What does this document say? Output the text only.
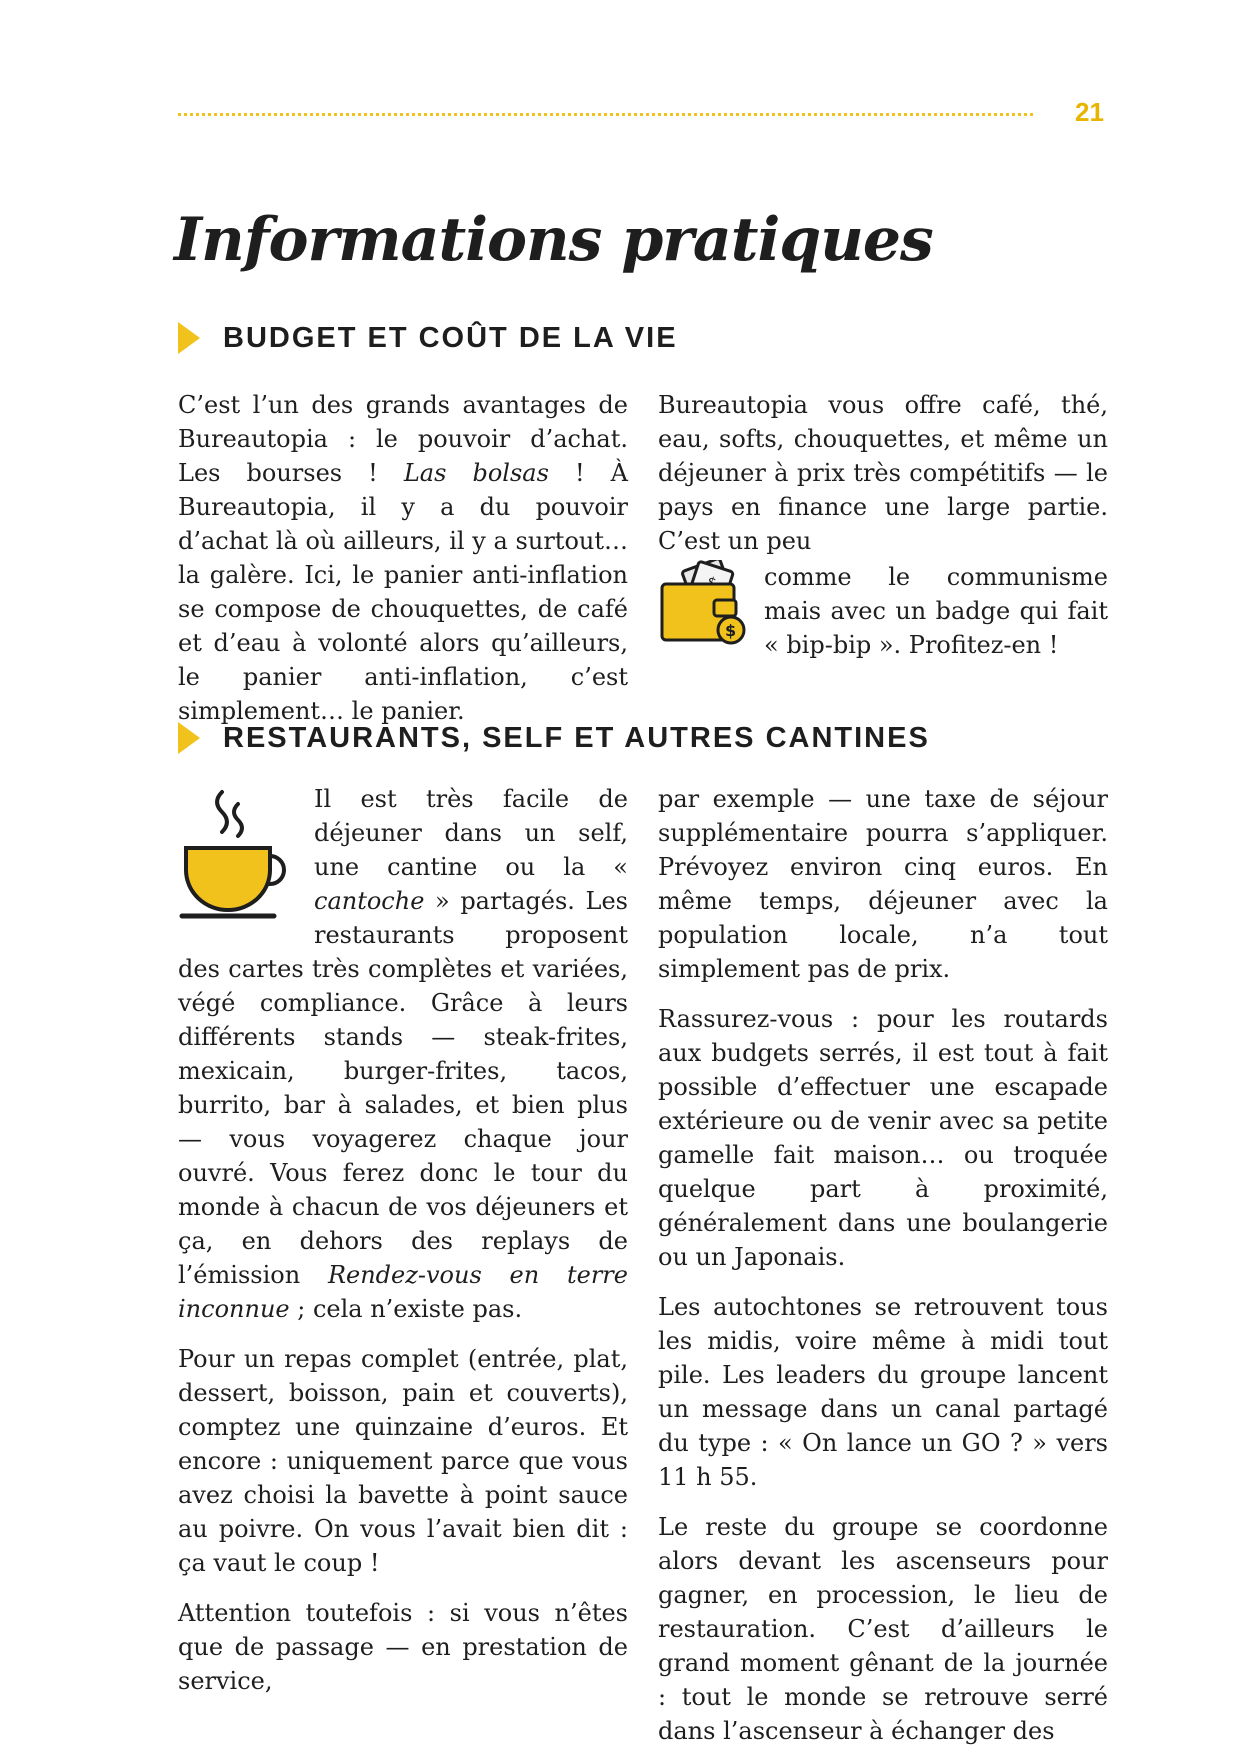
21
Informations pratiques
BUDGET ET COÛT DE LA VIE

C’est l’un des grands avantages de Bureautopia : le pouvoir d’achat. Les bourses ! Las bolsas ! À Bureautopia, il y a du pouvoir d’achat là où ailleurs, il y a surtout… la galère. Ici, le panier anti-inflation se compose de chouquettes, de café et d’eau à volonté alors qu’ailleurs, le panier anti-inflation, c’est simplement… le panier.

Bureautopia vous offre café, thé, eau, softs, chouquettes, et même un déjeuner à prix très compétitifs — le pays en finance une large partie. C’est un peu

$

comme le communisme mais avec un badge qui fait « bip-bip ». Profitez-en !

RESTAURANTS, SELF ET AUTRES CANTINES

Il est très facile de déjeuner dans un self, une cantine ou la « cantoche » partagés. Les restaurants proposent des cartes très complètes et variées, végé compliance. Grâce à leurs différents stands — steak-frites, mexicain, burger-frites, tacos, burrito, bar à salades, et bien plus — vous voyagerez chaque jour ouvré. Vous ferez donc le tour du monde à chacun de vos déjeuners et ça, en dehors des replays de l’émission Rendez-vous en terre inconnue ; cela n’existe pas.

Pour un repas complet (entrée, plat, dessert, boisson, pain et couverts), comptez une quinzaine d’euros. Et encore : uniquement parce que vous avez choisi la bavette à point sauce au poivre. On vous l’avait bien dit : ça vaut le coup !

Attention toutefois : si vous n’êtes que de passage — en prestation de service,

par exemple — une taxe de séjour supplémentaire pourra s’appliquer. Prévoyez environ cinq euros. En même temps, déjeuner avec la population locale, n’a tout simplement pas de prix.

Rassurez-vous : pour les routards aux budgets serrés, il est tout à fait possible d’effectuer une escapade extérieure ou de venir avec sa petite gamelle fait maison… ou troquée quelque part à proximité, généralement dans une boulangerie ou un Japonais.

Les autochtones se retrouvent tous les midis, voire même à midi tout pile. Les leaders du groupe lancent un message dans un canal partagé du type : « On lance un GO ? » vers 11 h 55.

Le reste du groupe se coordonne alors devant les ascenseurs pour gagner, en procession, le lieu de restauration. C’est d’ailleurs le grand moment gênant de la journée : tout le monde se retrouve serré dans l’ascenseur à échanger des
